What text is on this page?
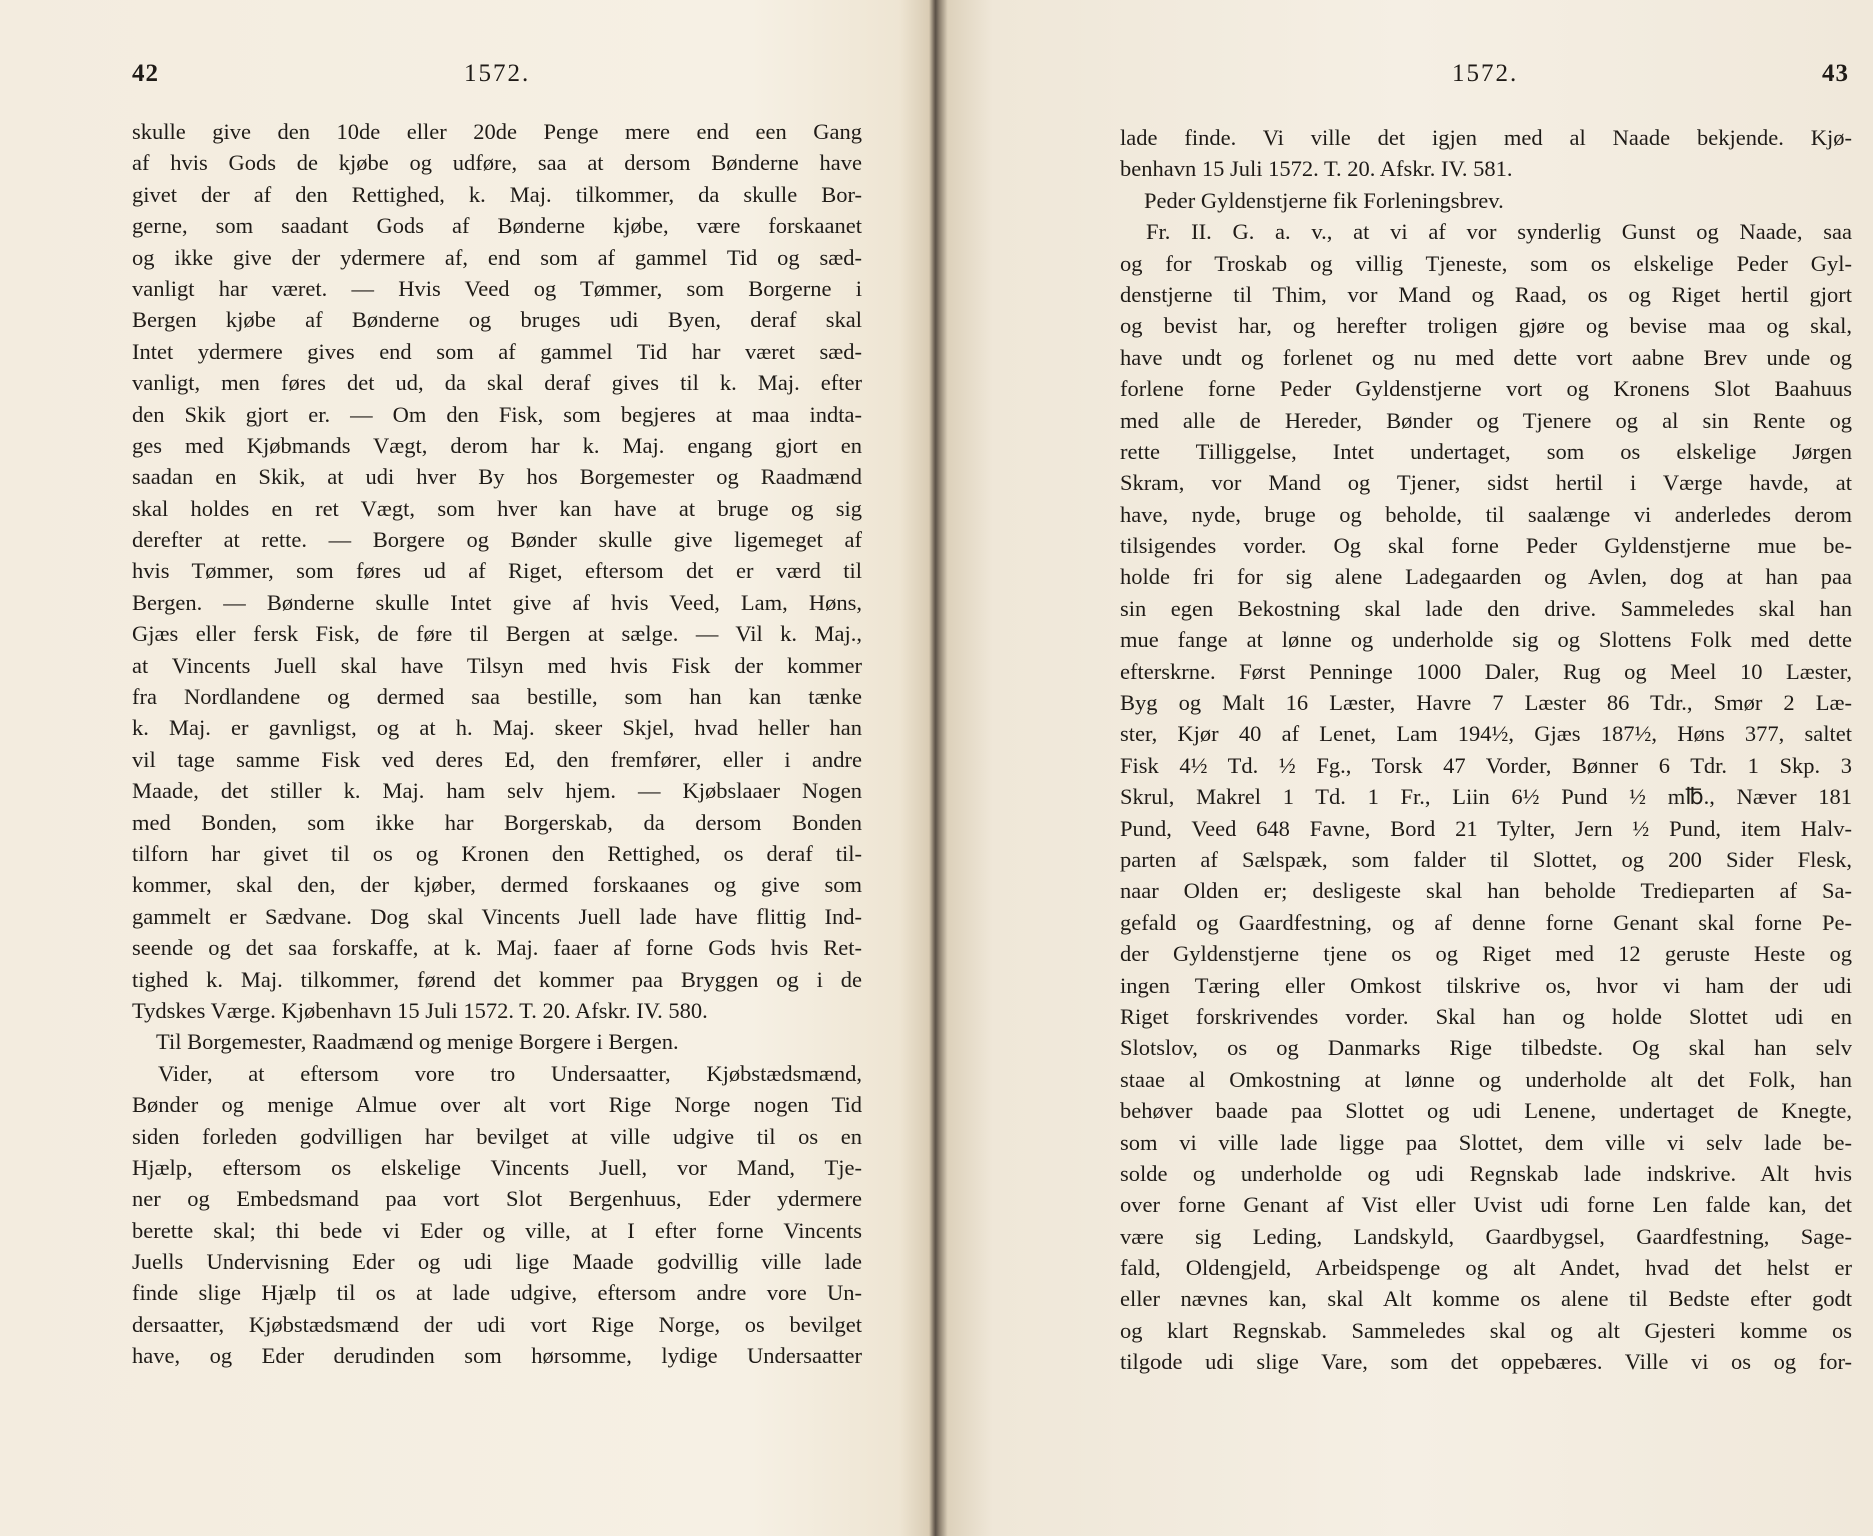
42	1572.
skulle give den 10de eller 20de Penge mere end een Gang
af hvis Gods de kjøbe og udføre, saa at dersom Bønderne have
givet der af den Rettighed, k. Maj. tilkommer, da skulle Bor-
gerne, som saadant Gods af Bønderne kjøbe, være forskaanet
og ikke give der ydermere af, end som af gammel Tid og sæd-
vanligt har været. — Hvis Veed og Tømmer, som Borgerne i
Bergen kjøbe af Bønderne og bruges udi Byen, deraf skal
Intet ydermere gives end som af gammel Tid har været sæd-
vanligt, men føres det ud, da skal deraf gives til k. Maj. efter
den Skik gjort er. — Om den Fisk, som begjeres at maa indta-
ges med Kjøbmands Vægt, derom har k. Maj. engang gjort en
saadan en Skik, at udi hver By hos Borgemester og Raadmænd
skal holdes en ret Vægt, som hver kan have at bruge og sig
derefter at rette. — Borgere og Bønder skulle give ligemeget af
hvis Tømmer, som føres ud af Riget, eftersom det er værd til
Bergen. — Bønderne skulle Intet give af hvis Veed, Lam, Høns,
Gjæs eller fersk Fisk, de føre til Bergen at sælge. — Vil k. Maj.,
at Vincents Juell skal have Tilsyn med hvis Fisk der kommer
fra Nordlandene og dermed saa bestille, som han kan tænke
k. Maj. er gavnligst, og at h. Maj. skeer Skjel, hvad heller han
vil tage samme Fisk ved deres Ed, den fremfører, eller i andre
Maade, det stiller k. Maj. ham selv hjem. — Kjøbslaaer Nogen
med Bonden, som ikke har Borgerskab, da dersom Bonden
tilforn har givet til os og Kronen den Rettighed, os deraf til-
kommer, skal den, der kjøber, dermed forskaanes og give som
gammelt er Sædvane. Dog skal Vincents Juell lade have flittig Ind-
seende og det saa forskaffe, at k. Maj. faaer af forne Gods hvis Ret-
tighed k. Maj. tilkommer, førend det kommer paa Bryggen og i de
Tydskes Værge. Kjøbenhavn 15 Juli 1572. T. 20. Afskr. IV. 580.
Til Borgemester, Raadmænd og menige Borgere i Bergen.
Vider, at eftersom vore tro Undersaatter, Kjøbstædsmænd,
Bønder og menige Almue over alt vort Rige Norge nogen Tid
siden forleden godvilligen har bevilget at ville udgive til os en
Hjælp, eftersom os elskelige Vincents Juell, vor Mand, Tje-
ner og Embedsmand paa vort Slot Bergenhuus, Eder ydermere
berette skal; thi bede vi Eder og ville, at I efter forne Vincents
Juells Undervisning Eder og udi lige Maade godvillig ville lade
finde slige Hjælp til os at lade udgive, eftersom andre vore Un-
dersaatter, Kjøbstædsmænd der udi vort Rige Norge, os bevilget
have, og Eder derudinden som hørsomme, lydige Undersaatter
1572.	43
lade finde. Vi ville det igjen med al Naade bekjende. Kjø-
benhavn 15 Juli 1572. T. 20. Afskr. IV. 581.
Peder Gyldenstjerne fik Forleningsbrev.
Fr. II. G. a. v., at vi af vor synderlig Gunst og Naade, saa
og for Troskab og villig Tjeneste, som os elskelige Peder Gyl-
denstjerne til Thim, vor Mand og Raad, os og Riget hertil gjort
og bevist har, og herefter troligen gjøre og bevise maa og skal,
have undt og forlenet og nu med dette vort aabne Brev unde og
forlene forne Peder Gyldenstjerne vort og Kronens Slot Baahuus
med alle de Hereder, Bønder og Tjenere og al sin Rente og
rette Tilliggelse, Intet undertaget, som os elskelige Jørgen
Skram, vor Mand og Tjener, sidst hertil i Værge havde, at
have, nyde, bruge og beholde, til saalænge vi anderledes derom
tilsigendes vorder. Og skal forne Peder Gyldenstjerne mue be-
holde fri for sig alene Ladegaarden og Avlen, dog at han paa
sin egen Bekostning skal lade den drive. Sammeledes skal han
mue fange at lønne og underholde sig og Slottens Folk med dette
efterskrne. Først Penninge 1000 Daler, Rug og Meel 10 Læster,
Byg og Malt 16 Læster, Havre 7 Læster 86 Tdr., Smør 2 Læ-
ster, Kjør 40 af Lenet, Lam 194½, Gjæs 187½, Høns 377, saltet
Fisk 4½ Td. ½ Fg., Torsk 47 Vorder, Bønner 6 Tdr. 1 Skp. 3
Skrul, Makrel 1 Td. 1 Fr., Liin 6½ Pund ½ m℔., Næver 181
Pund, Veed 648 Favne, Bord 21 Tylter, Jern ½ Pund, item Halv-
parten af Sælspæk, som falder til Slottet, og 200 Sider Flesk,
naar Olden er; desligeste skal han beholde Tredieparten af Sa-
gefald og Gaardfestning, og af denne forne Genant skal forne Pe-
der Gyldenstjerne tjene os og Riget med 12 geruste Heste og
ingen Tæring eller Omkost tilskrive os, hvor vi ham der udi
Riget forskrivendes vorder. Skal han og holde Slottet udi en
Slotslov, os og Danmarks Rige tilbedste. Og skal han selv
staae al Omkostning at lønne og underholde alt det Folk, han
behøver baade paa Slottet og udi Lenene, undertaget de Knegte,
som vi ville lade ligge paa Slottet, dem ville vi selv lade be-
solde og underholde og udi Regnskab lade indskrive. Alt hvis
over forne Genant af Vist eller Uvist udi forne Len falde kan, det
være sig Leding, Landskyld, Gaardbygsel, Gaardfestning, Sage-
fald, Oldengjeld, Arbeidspenge og alt Andet, hvad det helst er
eller nævnes kan, skal Alt komme os alene til Bedste efter godt
og klart Regnskab. Sammeledes skal og alt Gjesteri komme os
tilgode udi slige Vare, som det oppebæres. Ville vi os og for-
